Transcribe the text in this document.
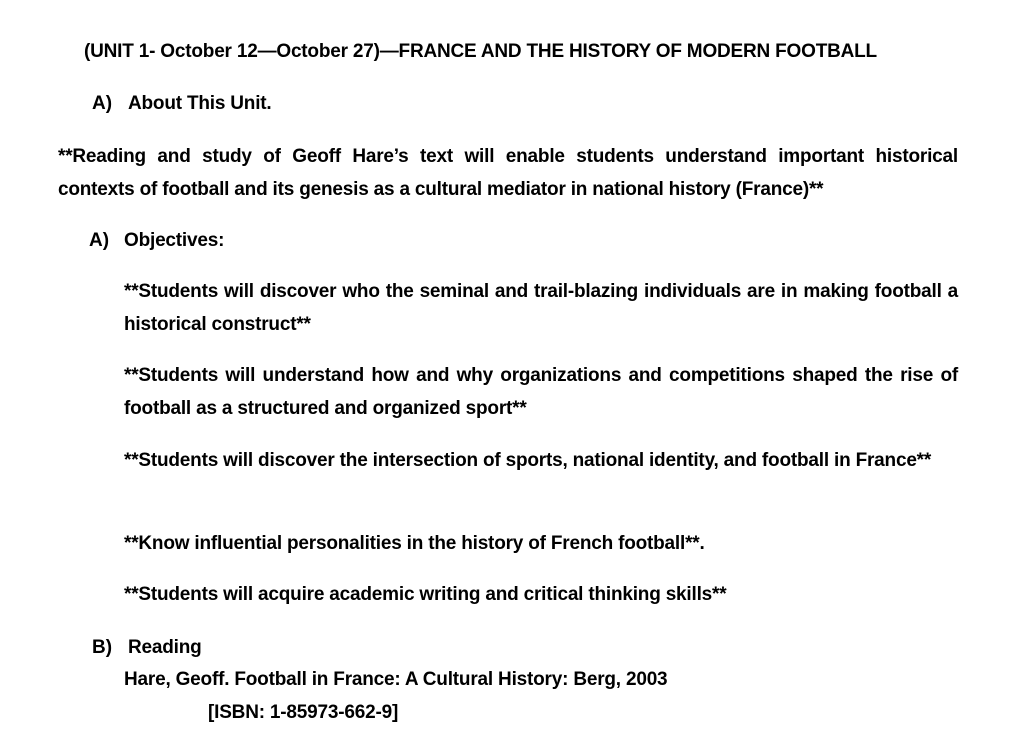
(UNIT 1- October 12—October 27)—FRANCE AND THE HISTORY OF MODERN FOOTBALL
A) About This Unit.
**Reading and study of Geoff Hare’s text will enable students understand important historical contexts of football and its genesis as a cultural mediator in national history (France)**
A) Objectives:
**Students will discover who the seminal and trail-blazing individuals are in making football a historical construct**
**Students will understand how and why organizations and competitions shaped the rise of football as a structured and organized sport**
**Students will discover the intersection of sports, national identity, and football in France**
**Know influential personalities in the history of French football**.
**Students will acquire academic writing and critical thinking skills**
B) Reading
Hare, Geoff. Football in France: A Cultural History: Berg, 2003
[ISBN: 1-85973-662-9]
